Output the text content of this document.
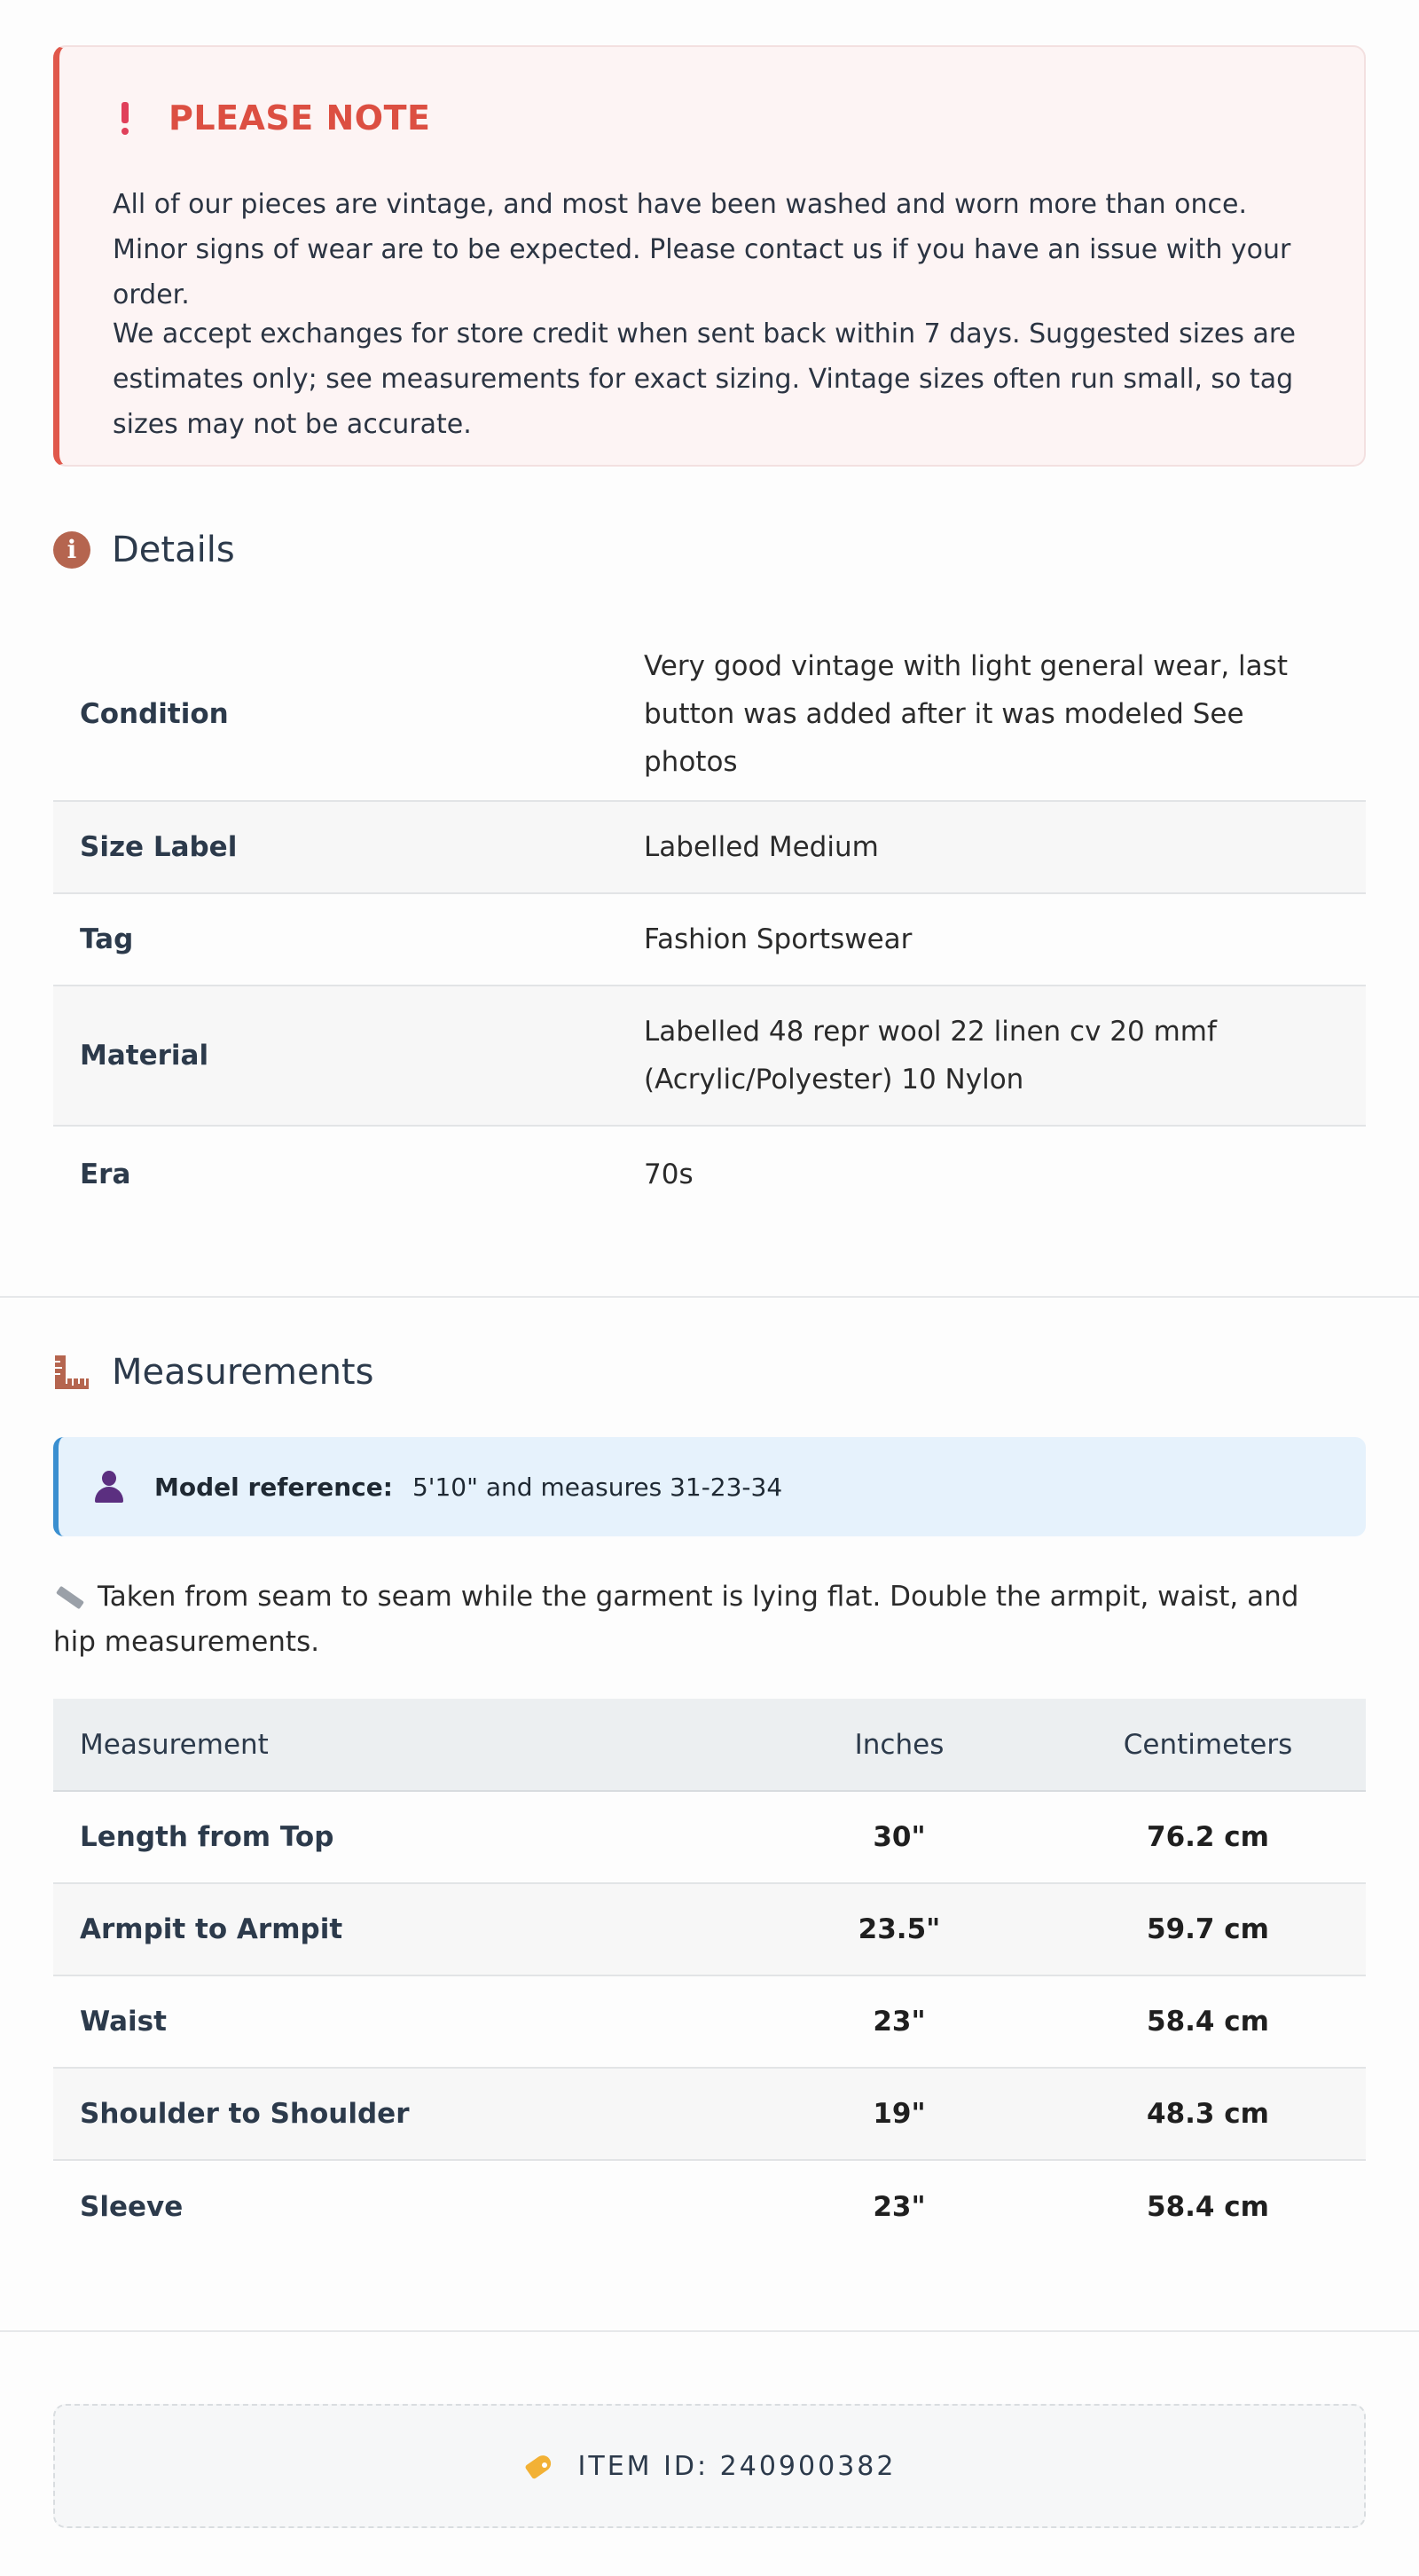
PLEASE NOTE

All of our pieces are vintage, and most have been washed and worn more than once. Minor signs of wear are to be expected. Please contact us if you have an issue with your order.

We accept exchanges for store credit when sent back within 7 days. Suggested sizes are estimates only; see measurements for exact sizing. Vintage sizes often run small, so tag sizes may not be accurate.

i Details
Condition	Very good vintage with light general wear, last button was added after it was modeled See photos
Size Label	Labelled Medium
Tag	Fashion Sportswear
Material	Labelled 48 repr wool 22 linen cv 20 mmf (Acrylic/Polyester) 10 Nylon
Era	70s
Measurements
Model reference: 5'10" and measures 31-23-34

Taken from seam to seam while the garment is lying flat. Double the armpit, waist, and hip measurements.

Measurement	Inches	Centimeters
Length from Top	30"	76.2 cm
Armpit to Armpit	23.5"	59.7 cm
Waist	23"	58.4 cm
Shoulder to Shoulder	19"	48.3 cm
Sleeve	23"	58.4 cm
ITEM ID: 240900382
